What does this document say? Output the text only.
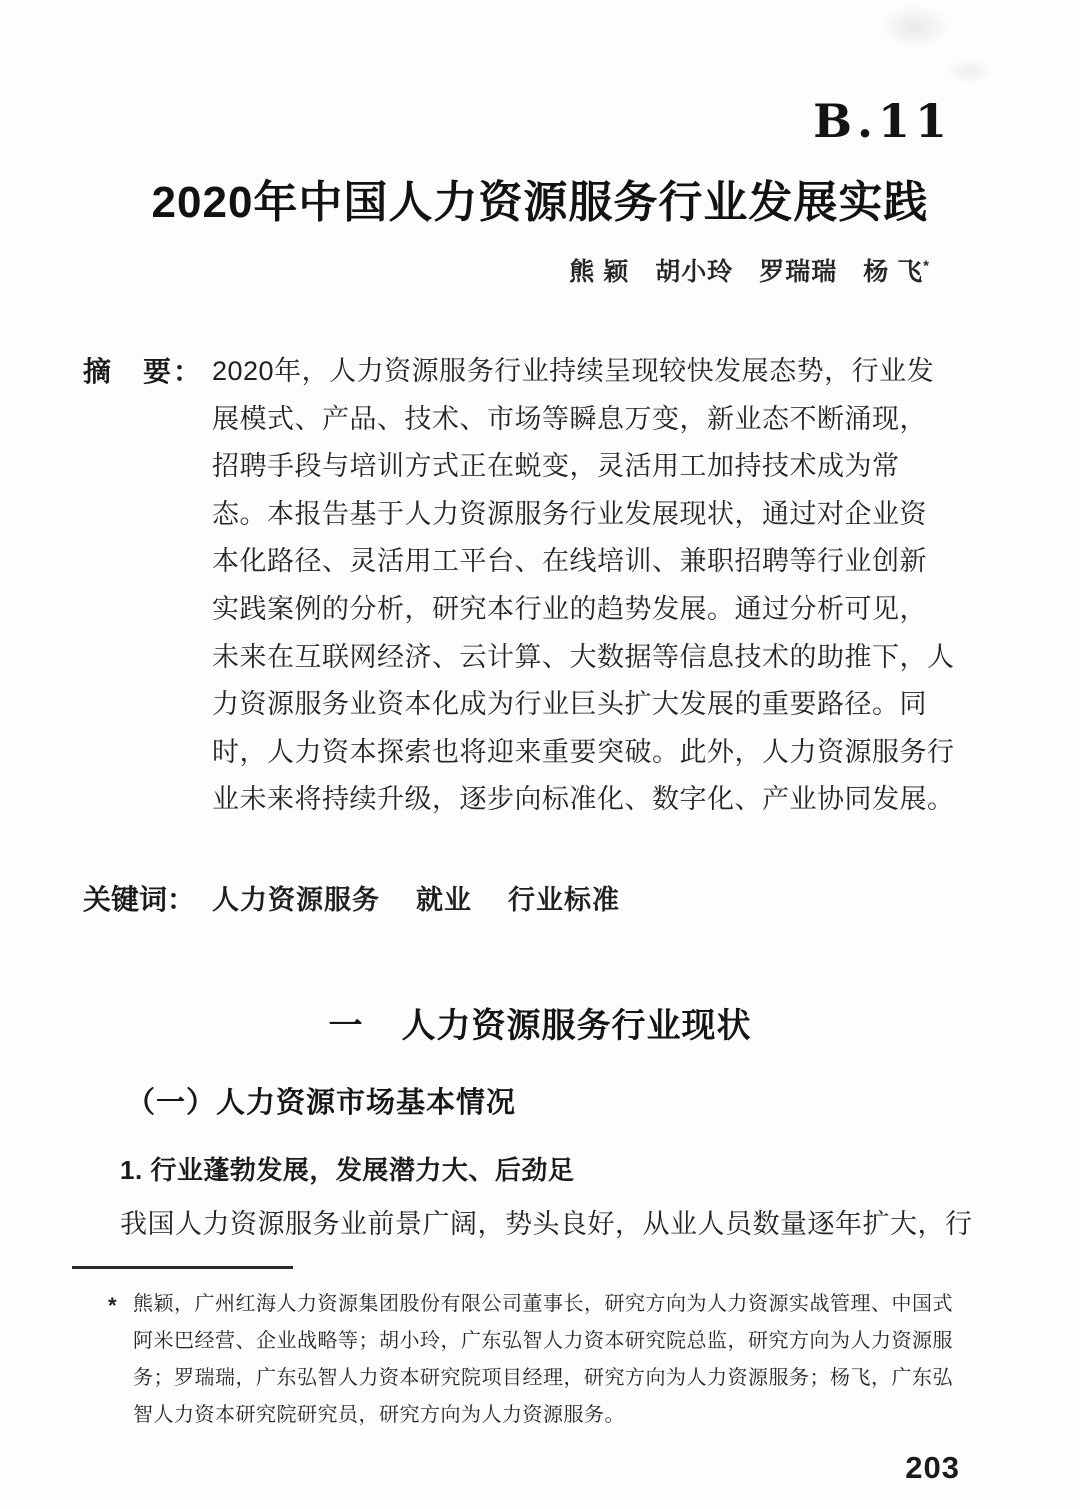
B.11
2020年中国人力资源服务行业发展实践
熊 颖　胡小玲　罗瑞瑞　杨 飞*
摘　要： 2020年，人力资源服务行业持续呈现较快发展态势，行业发
展模式、产品、技术、市场等瞬息万变，新业态不断涌现，
招聘手段与培训方式正在蜕变，灵活用工加持技术成为常
态。本报告基于人力资源服务行业发展现状，通过对企业资
本化路径、灵活用工平台、在线培训、兼职招聘等行业创新
实践案例的分析，研究本行业的趋势发展。通过分析可见，
未来在互联网经济、云计算、大数据等信息技术的助推下，人
力资源服务业资本化成为行业巨头扩大发展的重要路径。同
时，人力资本探索也将迎来重要突破。此外，人力资源服务行
业未来将持续升级，逐步向标准化、数字化、产业协同发展。
关键词： 人力资源服务 就业 行业标准
一 人力资源服务行业现状
（一）人力资源市场基本情况
1. 行业蓬勃发展，发展潜力大、后劲足

我国人力资源服务业前景广阔，势头良好，从业人员数量逐年扩大，行

* 熊颖，广州红海人力资源集团股份有限公司董事长，研究方向为人力资源实战管理、中国式
阿米巴经营、企业战略等；胡小玲，广东弘智人力资本研究院总监，研究方向为人力资源服
务；罗瑞瑞，广东弘智人力资本研究院项目经理，研究方向为人力资源服务；杨飞，广东弘
智人力资本研究院研究员，研究方向为人力资源服务。
203
